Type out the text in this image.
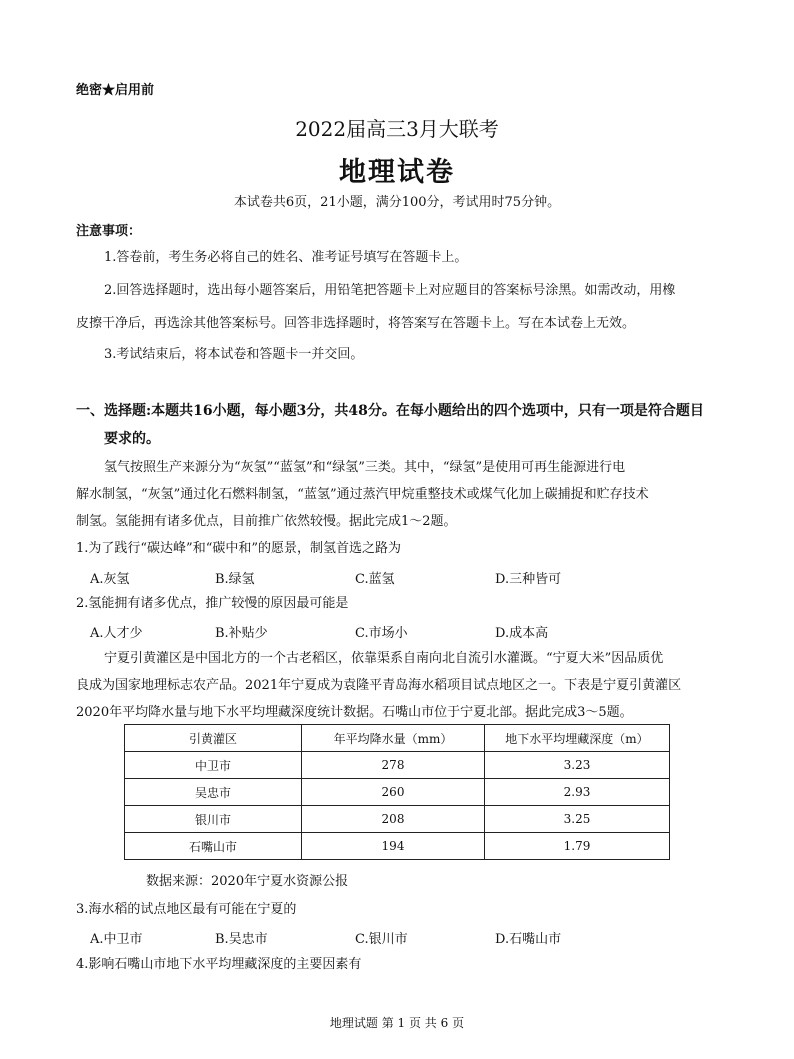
绝密★启用前
2022届高三3月大联考
地理试卷
本试卷共6页，21小题，满分100分，考试用时75分钟。
注意事项：
1.答卷前，考生务必将自己的姓名、准考证号填写在答题卡上。
2.回答选择题时，选出每小题答案后，用铅笔把答题卡上对应题目的答案标号涂黑。如需改动，用橡
皮擦干净后，再选涂其他答案标号。回答非选择题时，将答案写在答题卡上。写在本试卷上无效。
3.考试结束后，将本试卷和答题卡一并交回。
一、选择题:本题共16小题，每小题3分，共48分。在每小题给出的四个选项中，只有一项是符合题目
要求的。
氢气按照生产来源分为“灰氢”“蓝氢”和“绿氢”三类。其中，“绿氢”是使用可再生能源进行电
解水制氢，“灰氢”通过化石燃料制氢，“蓝氢”通过蒸汽甲烷重整技术或煤气化加上碳捕捉和贮存技术
制氢。氢能拥有诸多优点，目前推广依然较慢。据此完成1～2题。
1.为了践行“碳达峰”和“碳中和”的愿景，制氢首选之路为
A.灰氢	B.绿氢	C.蓝氢	D.三种皆可
2.氢能拥有诸多优点，推广较慢的原因最可能是
A.人才少	B.补贴少	C.市场小	D.成本高
宁夏引黄灌区是中国北方的一个古老稻区，依靠渠系自南向北自流引水灌溉。“宁夏大米”因品质优
良成为国家地理标志农产品。2021年宁夏成为袁隆平青岛海水稻项目试点地区之一。下表是宁夏引黄灌区
2020年平均降水量与地下水平均埋藏深度统计数据。石嘴山市位于宁夏北部。据此完成3～5题。
引黄灌区	年平均降水量（mm）	地下水平均埋藏深度（m）
中卫市	278	3.23
吴忠市	260	2.93
银川市	208	3.25
石嘴山市	194	1.79
数据来源：2020年宁夏水资源公报
3.海水稻的试点地区最有可能在宁夏的
A.中卫市	B.吴忠市	C.银川市	D.石嘴山市
4.影响石嘴山市地下水平均埋藏深度的主要因素有
地理试题 第 1 页 共 6 页
